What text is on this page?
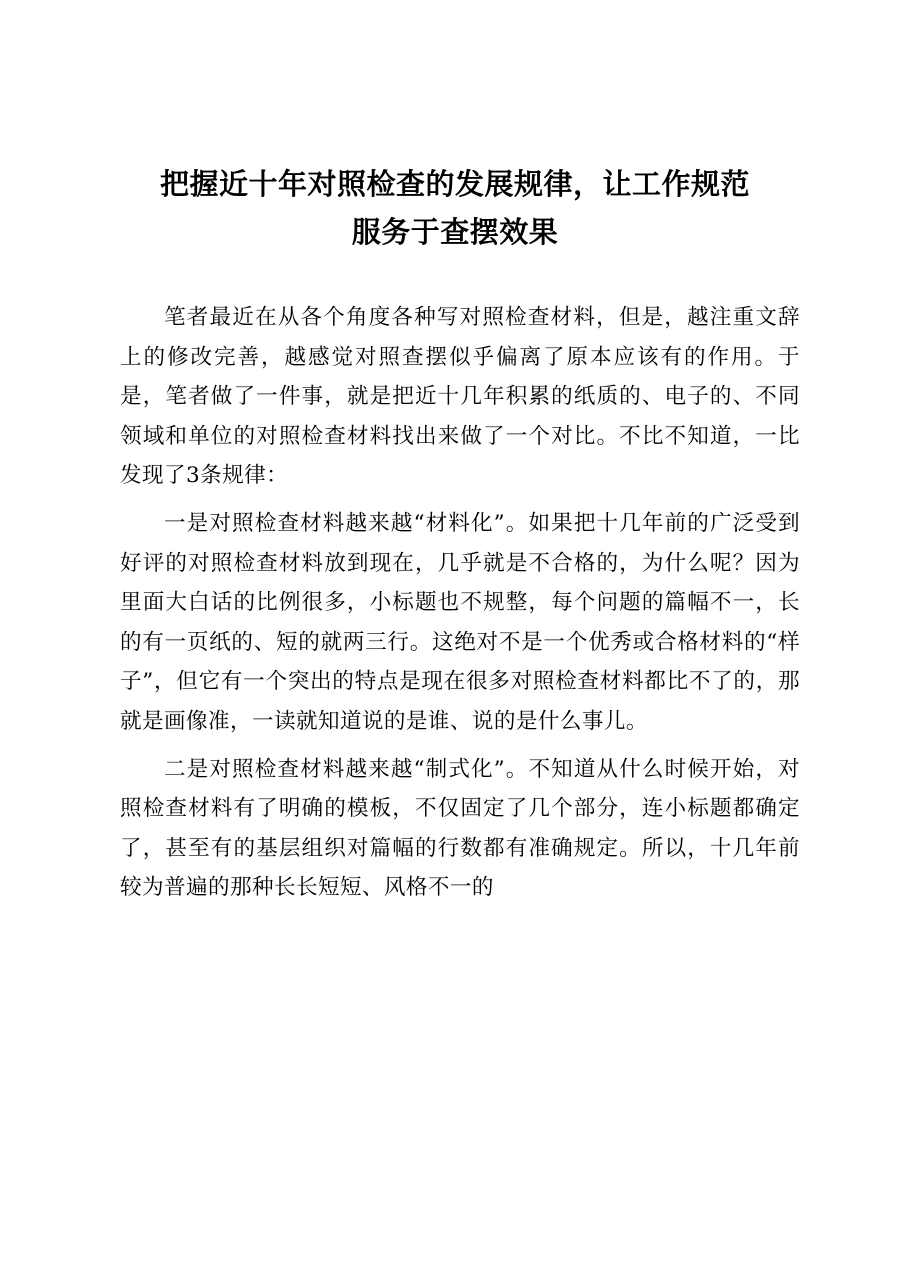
把握近十年对照检查的发展规律，让工作规范
服务于查摆效果

笔者最近在从各个角度各种写对照检查材料，但是，越注重文辞上的修改完善，越感觉对照查摆似乎偏离了原本应该有的作用。于是，笔者做了一件事，就是把近十几年积累的纸质的、电子的、不同领域和单位的对照检查材料找出来做了一个对比。不比不知道，一比发现了3条规律：

一是对照检查材料越来越“材料化”。如果把十几年前的广泛受到好评的对照检查材料放到现在，几乎就是不合格的，为什么呢？因为里面大白话的比例很多，小标题也不规整，每个问题的篇幅不一，长的有一页纸的、短的就两三行。这绝对不是一个优秀或合格材料的“样子”，但它有一个突出的特点是现在很多对照检查材料都比不了的，那就是画像准，一读就知道说的是谁、说的是什么事儿。

二是对照检查材料越来越“制式化”。不知道从什么时候开始，对照检查材料有了明确的模板，不仅固定了几个部分，连小标题都确定了，甚至有的基层组织对篇幅的行数都有准确规定。所以，十几年前较为普遍的那种长长短短、风格不一的
